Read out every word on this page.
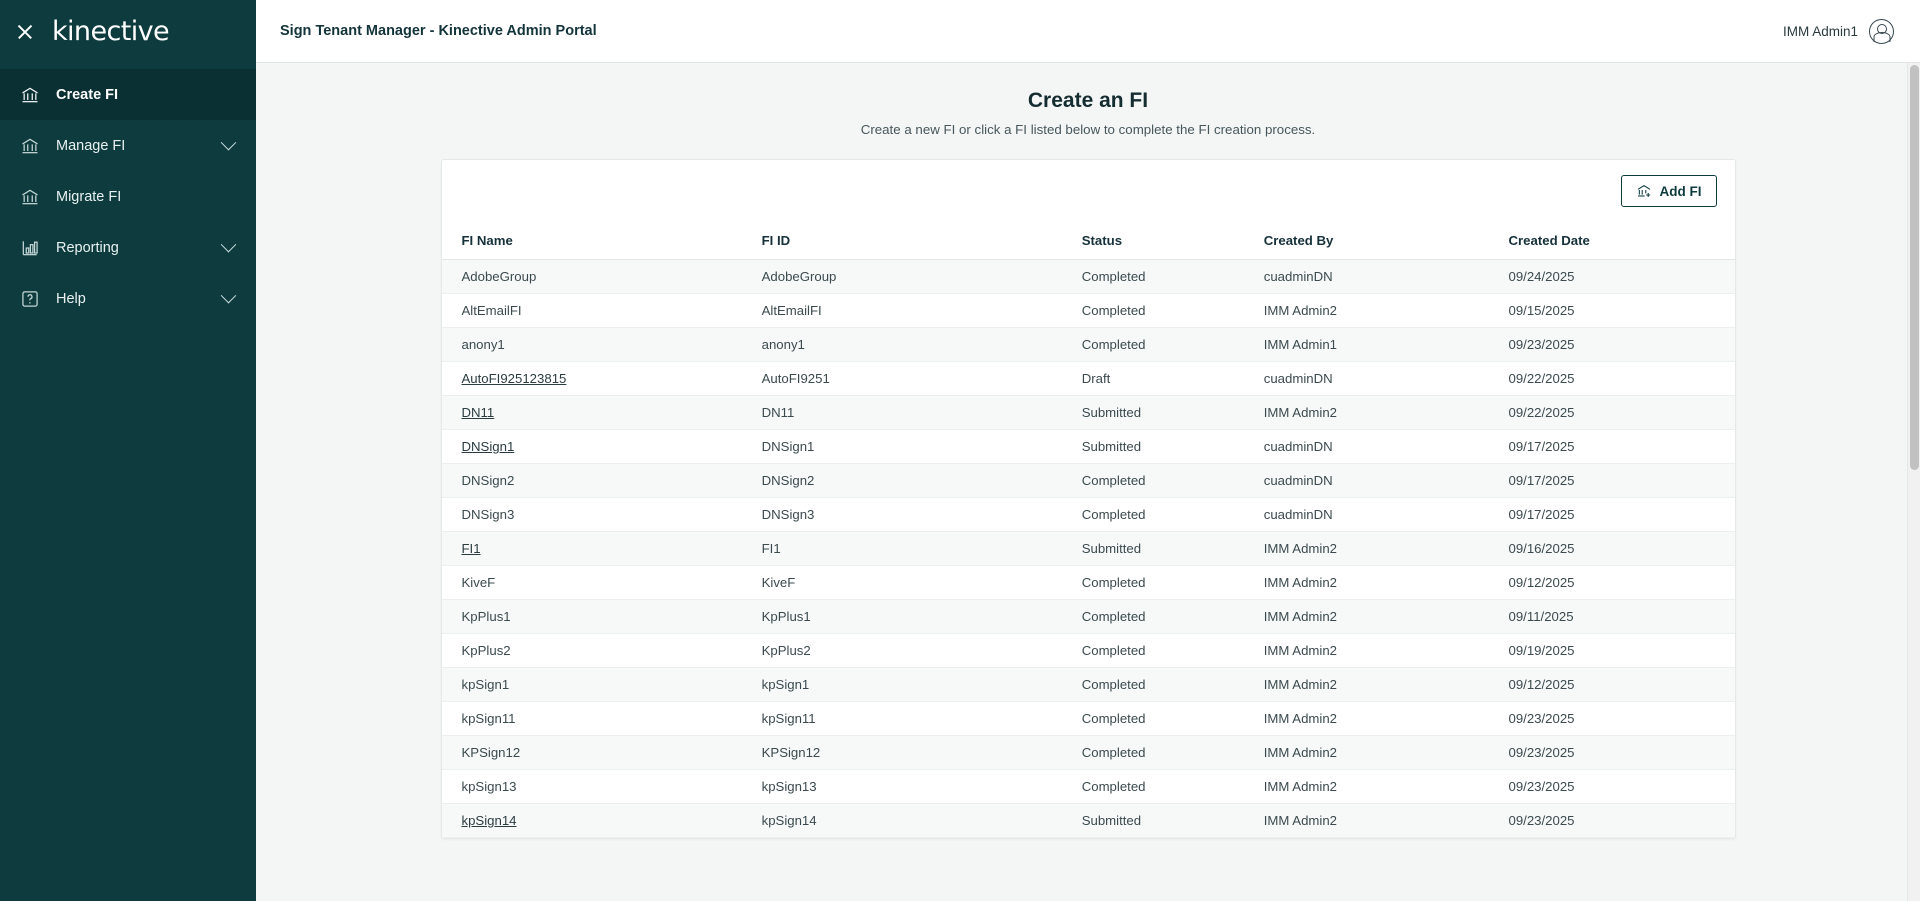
kinective
Create FI
Manage FI
Migrate FI
Reporting
Help
Sign Tenant Manager - Kinective Admin Portal	IMM Admin1
Create an FI
Create a new FI or click a FI listed below to complete the FI creation process.
Add FI
FI Name	FI ID	Status	Created By	Created Date
AdobeGroup	AdobeGroup	Completed	cuadminDN	09/24/2025
AltEmailFI	AltEmailFI	Completed	IMM Admin2	09/15/2025
anony1	anony1	Completed	IMM Admin1	09/23/2025
AutoFI925123815	AutoFI9251	Draft	cuadminDN	09/22/2025
DN11	DN11	Submitted	IMM Admin2	09/22/2025
DNSign1	DNSign1	Submitted	cuadminDN	09/17/2025
DNSign2	DNSign2	Completed	cuadminDN	09/17/2025
DNSign3	DNSign3	Completed	cuadminDN	09/17/2025
FI1	FI1	Submitted	IMM Admin2	09/16/2025
KiveF	KiveF	Completed	IMM Admin2	09/12/2025
KpPlus1	KpPlus1	Completed	IMM Admin2	09/11/2025
KpPlus2	KpPlus2	Completed	IMM Admin2	09/19/2025
kpSign1	kpSign1	Completed	IMM Admin2	09/12/2025
kpSign11	kpSign11	Completed	IMM Admin2	09/23/2025
KPSign12	KPSign12	Completed	IMM Admin2	09/23/2025
kpSign13	kpSign13	Completed	IMM Admin2	09/23/2025
kpSign14	kpSign14	Submitted	IMM Admin2	09/23/2025
